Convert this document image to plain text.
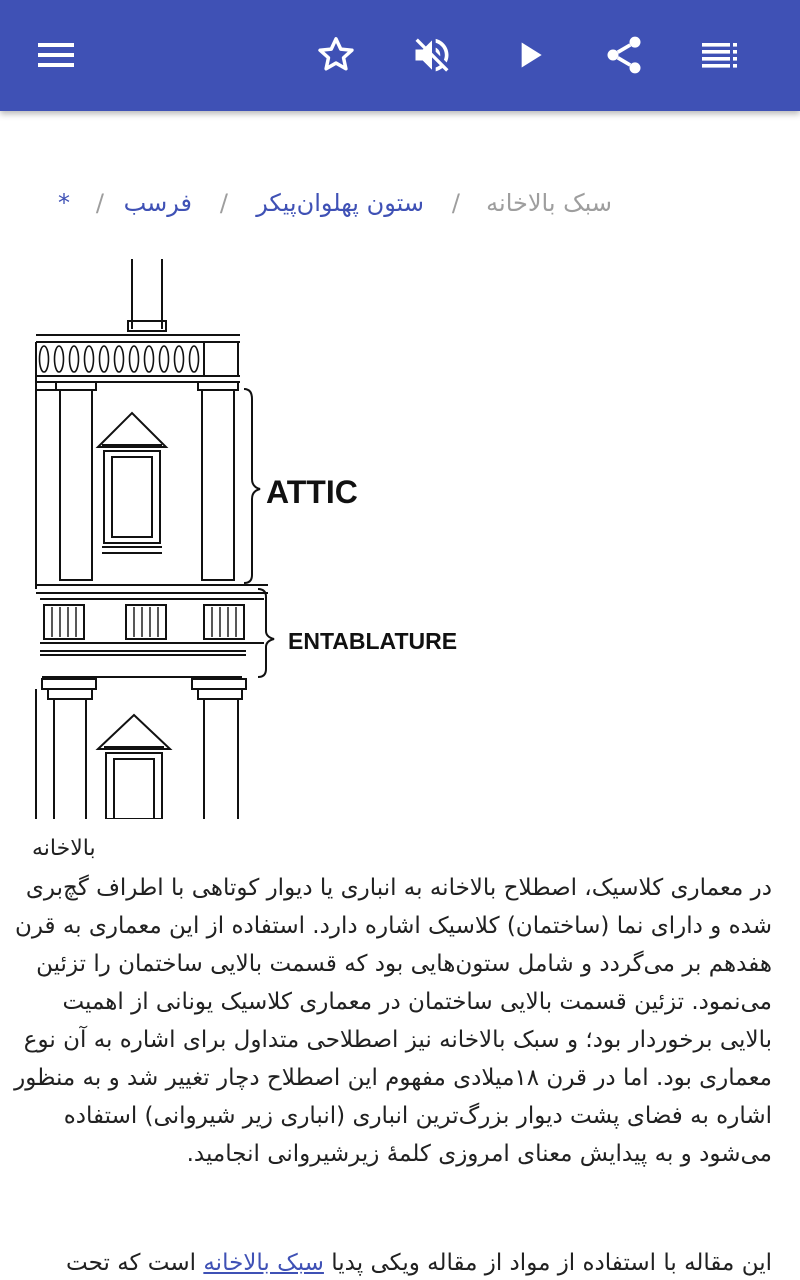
سبک بالاخانه
/
ستون پهلوان‌پیکر
/
فرسب
/
*
ATTIC
ENTABLATURE
بالاخانه
در معماری کلاسیک، اصطلاح بالاخانه به انباری یا دیوار کوتاهی با اطراف گچ‌بری
شده و دارای نما (ساختمان) کلاسیک اشاره دارد. استفاده از این معماری به قرن
هفدهم بر می‌گردد و شامل ستون‌هایی بود که قسمت بالایی ساختمان را تزئین
می‌نمود. تزئین قسمت بالایی ساختمان در معماری کلاسیک یونانی از اهمیت
بالایی برخوردار بود؛ و سبک بالاخانه نیز اصطلاحی متداول برای اشاره به آن نوع
معماری بود. اما در قرن ۱۸میلادی مفهوم این اصطلاح دچار تغییر شد و به منظور
اشاره به فضای پشت دیوار بزرگ‌ترین انباری (انباری زیر شیروانی) استفاده
می‌شود و به پیدایش معنای امروزی کلمهٔ زیرشیروانی انجامید.
این مقاله با استفاده از مواد از مقاله ویکی پدیا سبک بالاخانه است که تحت
